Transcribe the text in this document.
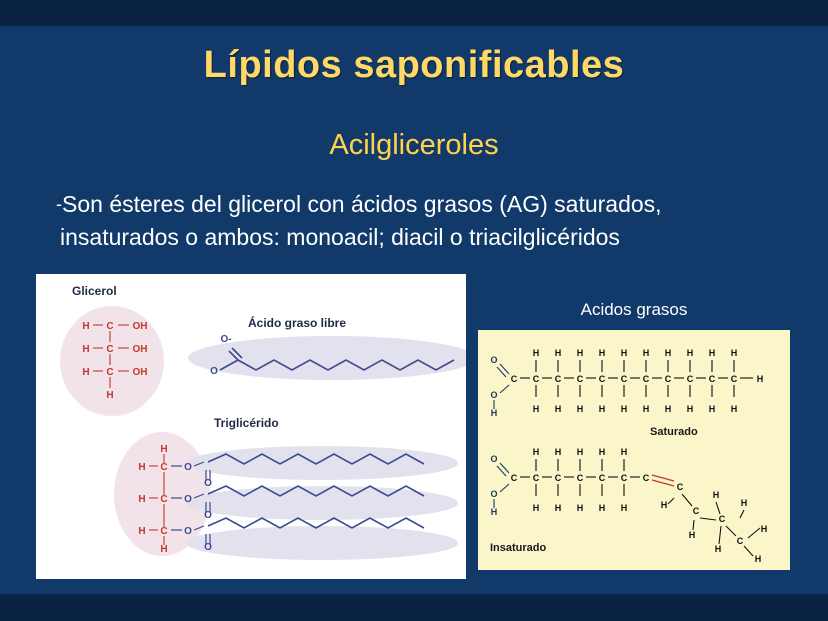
Lípidos saponificables
Acilgliceroles
-Son ésteres del glicerol con ácidos grasos (AG) saturados,
insaturados o ambos: monoacil; diacil o triacilglicéridos
Glicerol
Ácido graso libre
Triglicérido
H C OH
H C OH
H C OH
H
O-
O
H
H C
H C
H C
H
O
O
O
O
O
O
Acidos grasos
Saturado
Insaturado
O
O
H
C C C C C C C C C C C H
H H H H H H H H H H
H H H H H H H H H H
O
O
H
C C C C C C C
H H H H H
H H H H H
C
C
C
C
H
H
H
H
H
H
H
